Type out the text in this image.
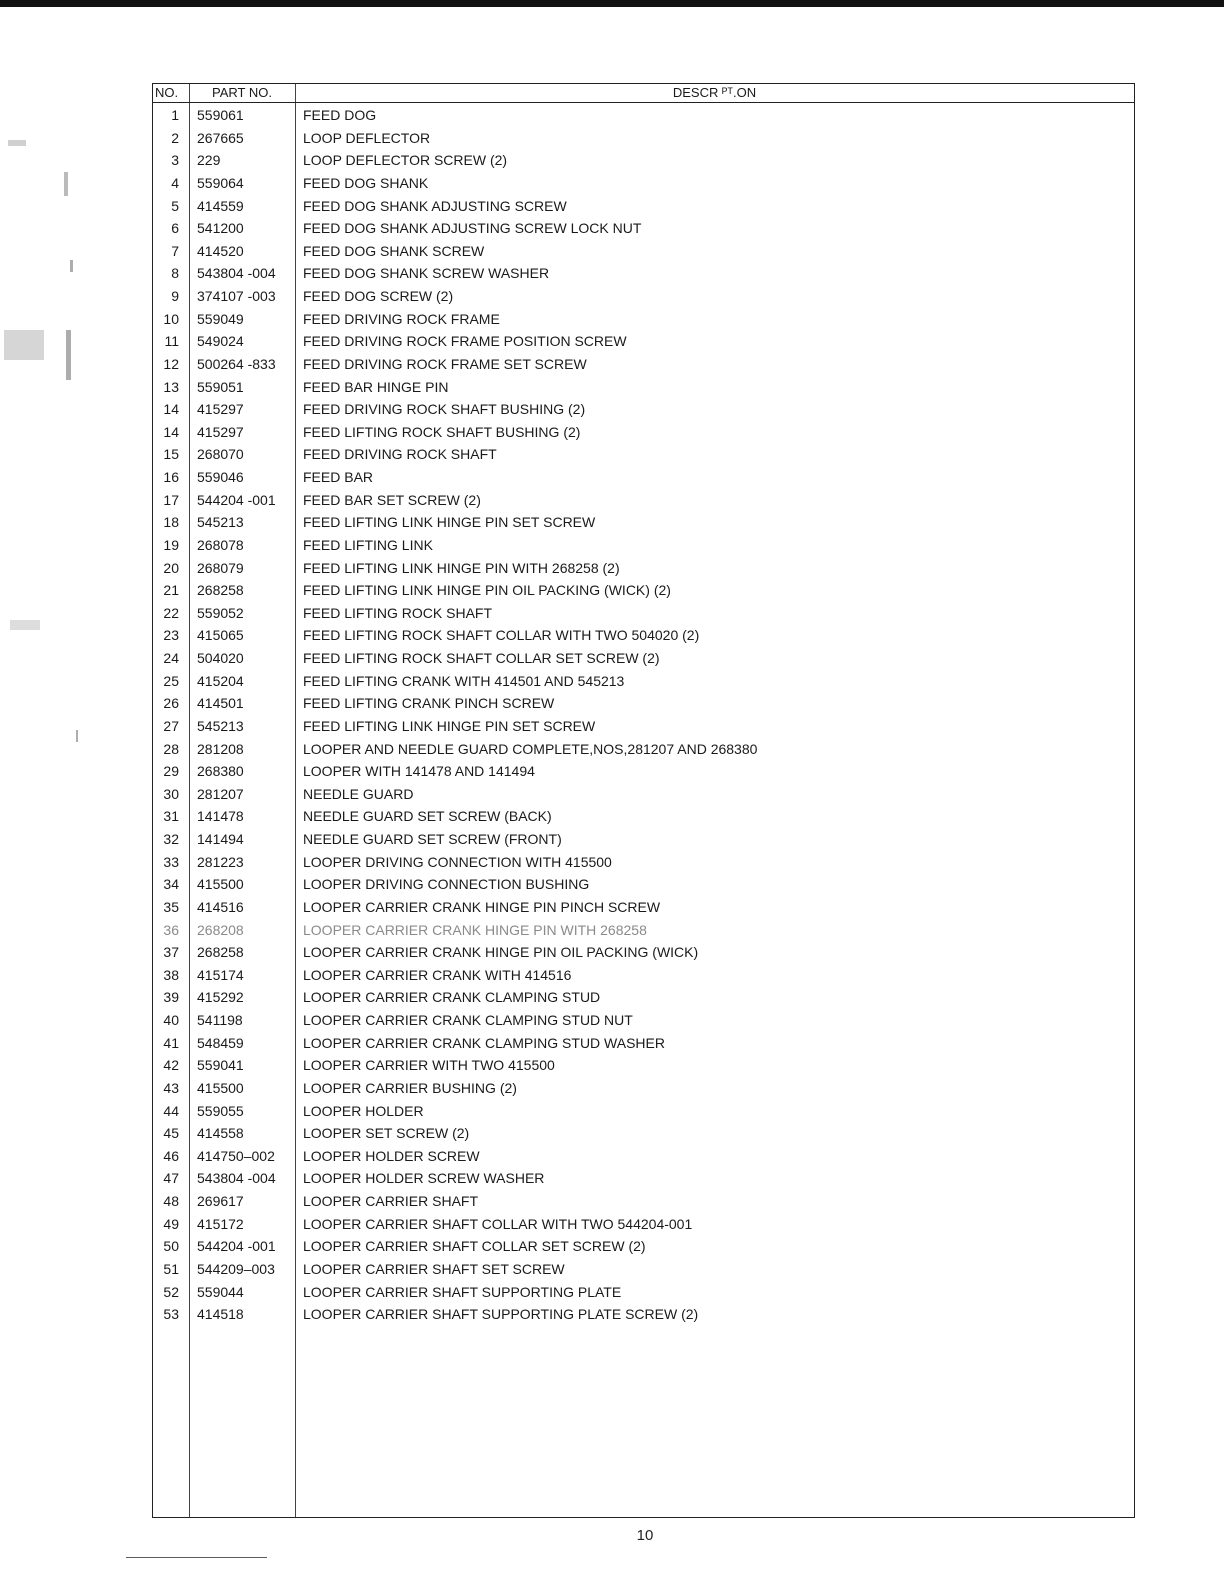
NO.	PART NO.	DESCR ᴾᵀ.ON
1 559061	FEED DOG
2 267665	LOOP DEFLECTOR
3 229	LOOP DEFLECTOR SCREW (2)
4 559064	FEED DOG SHANK
5 414559	FEED DOG SHANK ADJUSTING SCREW
6 541200	FEED DOG SHANK ADJUSTING SCREW LOCK NUT
7 414520	FEED DOG SHANK SCREW
8 543804 -004	FEED DOG SHANK SCREW WASHER
9 374107 -003	FEED DOG SCREW (2)
10 559049	FEED DRIVING ROCK FRAME
11 549024	FEED DRIVING ROCK FRAME POSITION SCREW
12 500264 -833	FEED DRIVING ROCK FRAME SET SCREW
13 559051	FEED BAR HINGE PIN
14 415297	FEED DRIVING ROCK SHAFT BUSHING (2)
14 415297	FEED LIFTING ROCK SHAFT BUSHING (2)
15 268070	FEED DRIVING ROCK SHAFT
16 559046	FEED BAR
17 544204 -001	FEED BAR SET SCREW (2)
18 545213	FEED LIFTING LINK HINGE PIN SET SCREW
19 268078	FEED LIFTING LINK
20 268079	FEED LIFTING LINK HINGE PIN WITH 268258 (2)
21 268258	FEED LIFTING LINK HINGE PIN OIL PACKING (WICK) (2)
22 559052	FEED LIFTING ROCK SHAFT
23 415065	FEED LIFTING ROCK SHAFT COLLAR WITH TWO 504020 (2)
24 504020	FEED LIFTING ROCK SHAFT COLLAR SET SCREW (2)
25 415204	FEED LIFTING CRANK WITH 414501 AND 545213
26 414501	FEED LIFTING CRANK PINCH SCREW
27 545213	FEED LIFTING LINK HINGE PIN SET SCREW
28 281208	LOOPER AND NEEDLE GUARD COMPLETE,NOS,281207 AND 268380
29 268380	LOOPER WITH 141478 AND 141494
30 281207	NEEDLE GUARD
31 141478	NEEDLE GUARD SET SCREW (BACK)
32 141494	NEEDLE GUARD SET SCREW (FRONT)
33 281223	LOOPER DRIVING CONNECTION WITH 415500
34 415500	LOOPER DRIVING CONNECTION BUSHING
35 414516	LOOPER CARRIER CRANK HINGE PIN PINCH SCREW
36 268208	LOOPER CARRIER CRANK HINGE PIN WITH 268258
37 268258	LOOPER CARRIER CRANK HINGE PIN OIL PACKING (WICK)
38 415174	LOOPER CARRIER CRANK WITH 414516
39 415292	LOOPER CARRIER CRANK CLAMPING STUD
40 541198	LOOPER CARRIER CRANK CLAMPING STUD NUT
41 548459	LOOPER CARRIER CRANK CLAMPING STUD WASHER
42 559041	LOOPER CARRIER WITH TWO 415500
43 415500	LOOPER CARRIER BUSHING (2)
44 559055	LOOPER HOLDER
45 414558	LOOPER SET SCREW (2)
46 414750–002	LOOPER HOLDER SCREW
47 543804 -004	LOOPER HOLDER SCREW WASHER
48 269617	LOOPER CARRIER SHAFT
49 415172	LOOPER CARRIER SHAFT COLLAR WITH TWO 544204-001
50 544204 -001	LOOPER CARRIER SHAFT COLLAR SET SCREW (2)
51 544209–003	LOOPER CARRIER SHAFT SET SCREW
52 559044	LOOPER CARRIER SHAFT SUPPORTING PLATE
53 414518	LOOPER CARRIER SHAFT SUPPORTING PLATE SCREW (2)
10
